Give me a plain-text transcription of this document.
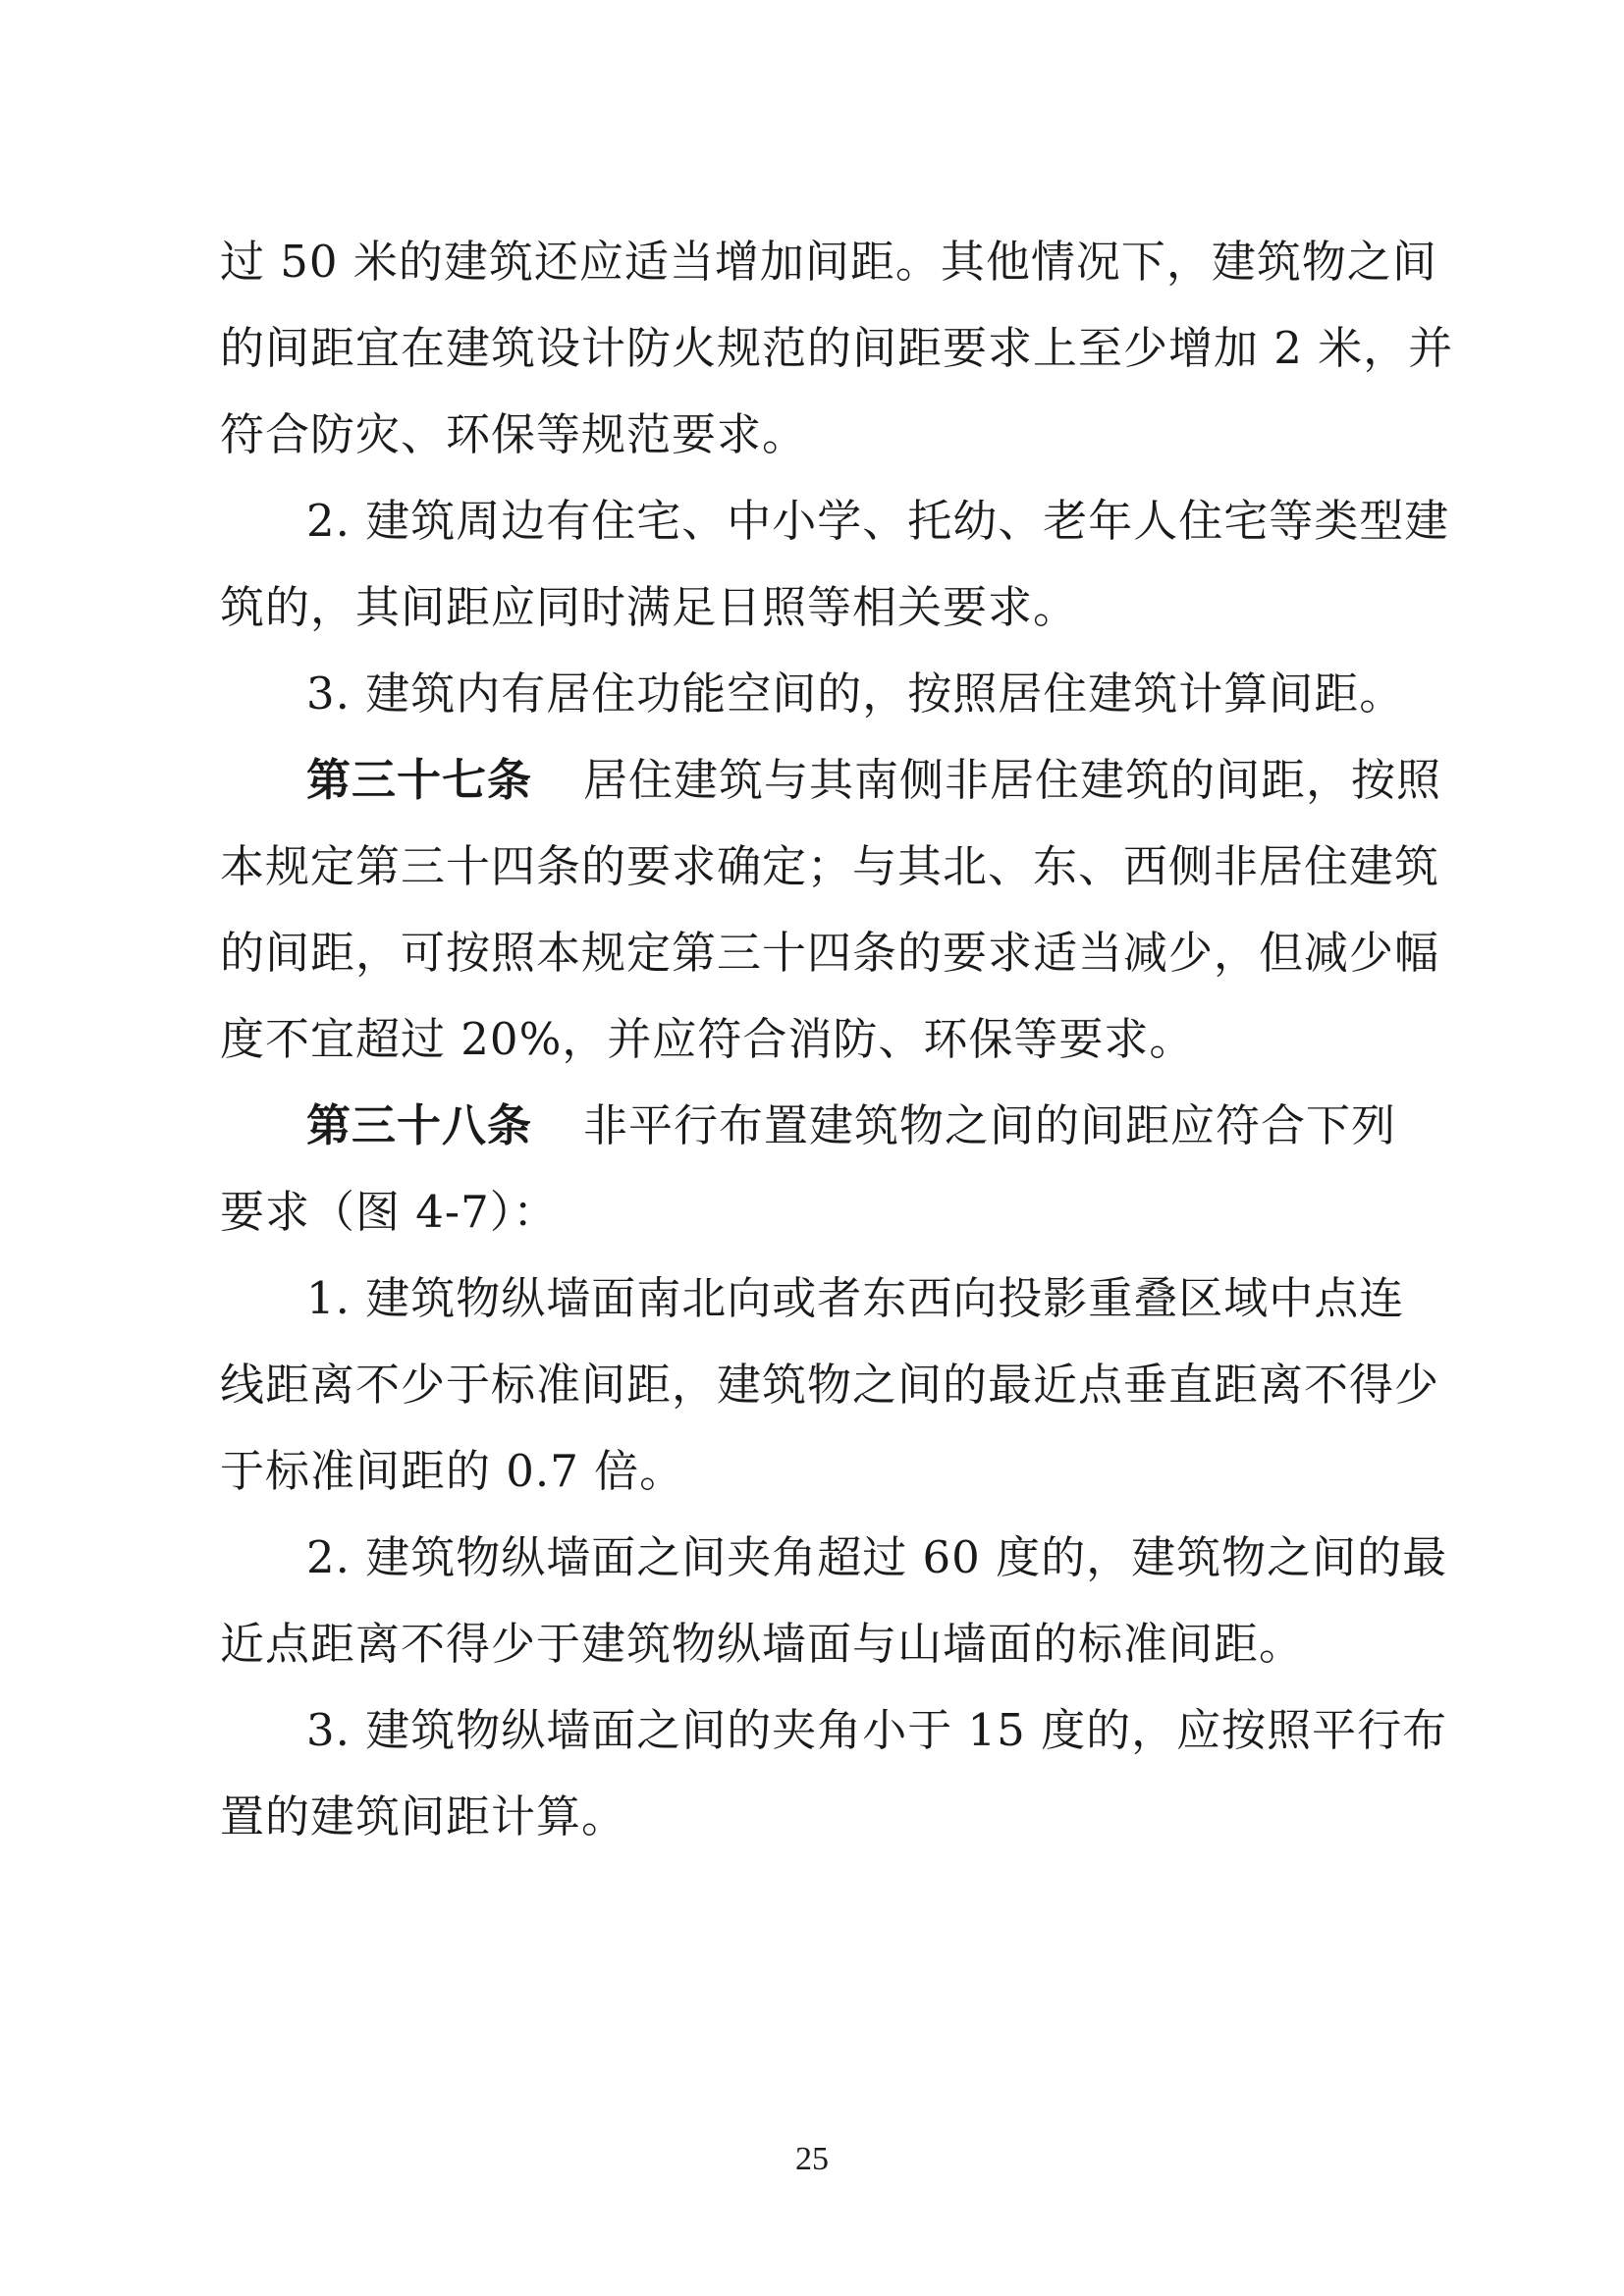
过 50 米的建筑还应适当增加间距。其他情况下，建筑物之间
的间距宜在建筑设计防火规范的间距要求上至少增加 2 米，并
符合防灾、环保等规范要求。
2. 建筑周边有住宅、中小学、托幼、老年人住宅等类型建
筑的，其间距应同时满足日照等相关要求。
3. 建筑内有居住功能空间的，按照居住建筑计算间距。
第三十七条 居住建筑与其南侧非居住建筑的间距，按照
本规定第三十四条的要求确定；与其北、东、西侧非居住建筑
的间距，可按照本规定第三十四条的要求适当减少，但减少幅
度不宜超过 20%，并应符合消防、环保等要求。
第三十八条 非平行布置建筑物之间的间距应符合下列
要求（图 4-7）：
1. 建筑物纵墙面南北向或者东西向投影重叠区域中点连
线距离不少于标准间距，建筑物之间的最近点垂直距离不得少
于标准间距的 0.7 倍。
2. 建筑物纵墙面之间夹角超过 60 度的，建筑物之间的最
近点距离不得少于建筑物纵墙面与山墙面的标准间距。
3. 建筑物纵墙面之间的夹角小于 15 度的，应按照平行布
置的建筑间距计算。
25
